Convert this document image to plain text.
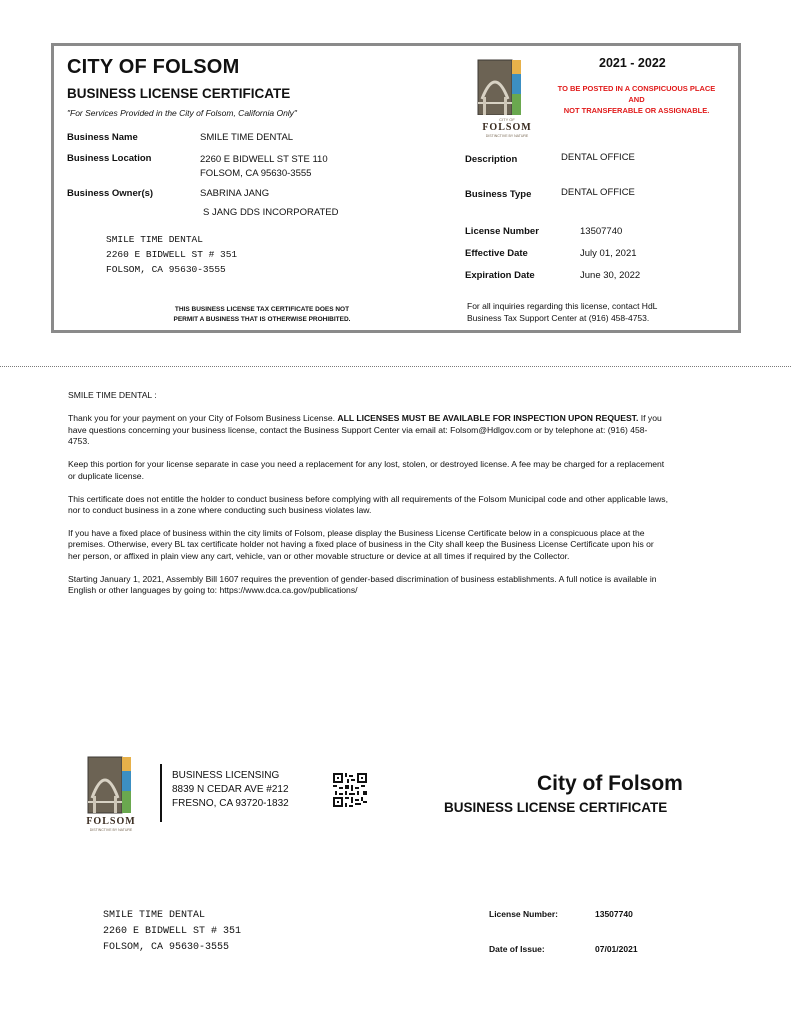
CITY OF FOLSOM
BUSINESS LICENSE CERTIFICATE
"For Services Provided in the City of Folsom, California Only"
Business Name	SMILE TIME DENTAL
Business Location	2260 E BIDWELL ST STE 110
FOLSOM, CA 95630-3555
Business Owner(s)	SABRINA JANG
S JANG DDS INCORPORATED
SMILE TIME DENTAL
2260 E BIDWELL ST # 351
FOLSOM, CA 95630-3555
THIS BUSINESS LICENSE TAX CERTIFICATE DOES NOT
PERMIT A BUSINESS THAT IS OTHERWISE PROHIBITED.
CITY OF
FOLSOM
DISTINCTIVE BY NATURE
2021 - 2022
TO BE POSTED IN A CONSPICUOUS PLACE
AND
NOT TRANSFERABLE OR ASSIGNABLE.
Description	DENTAL OFFICE
Business Type	DENTAL OFFICE
License Number	13507740
Effective Date	July 01, 2021
Expiration Date	June 30, 2022
For all inquiries regarding this license, contact HdL
Business Tax Support Center at (916) 458-4753.

SMILE TIME DENTAL :

Thank you for your payment on your City of Folsom Business License. ALL LICENSES MUST BE AVAILABLE FOR INSPECTION UPON REQUEST. If you have questions concerning your business license, contact the Business Support Center via email at: Folsom@Hdlgov.com or by telephone at: (916) 458-4753.

Keep this portion for your license separate in case you need a replacement for any lost, stolen, or destroyed license. A fee may be charged for a replacement or duplicate license.

This certificate does not entitle the holder to conduct business before complying with all requirements of the Folsom Municipal code and other applicable laws, nor to conduct business in a zone where conducting such business violates law.

If you have a fixed place of business within the city limits of Folsom, please display the Business License Certificate below in a conspicuous place at the premises. Otherwise, every BL tax certificate holder not having a fixed place of business in the City shall keep the Business License Certificate upon his or her person, or affixed in plain view any cart, vehicle, van or other movable structure or device at all times if required by the Collector.

Starting January 1, 2021, Assembly Bill 1607 requires the prevention of gender-based discrimination of business establishments. A full notice is available in English or other languages by going to: https://www.dca.ca.gov/publications/

FOLSOM
DISTINCTIVE BY NATURE
BUSINESS LICENSING
8839 N CEDAR AVE #212
FRESNO, CA 93720-1832
City of Folsom
BUSINESS LICENSE CERTIFICATE
SMILE TIME DENTAL
2260 E BIDWELL ST # 351
FOLSOM, CA 95630-3555
License Number:	13507740
Date of Issue:	07/01/2021
